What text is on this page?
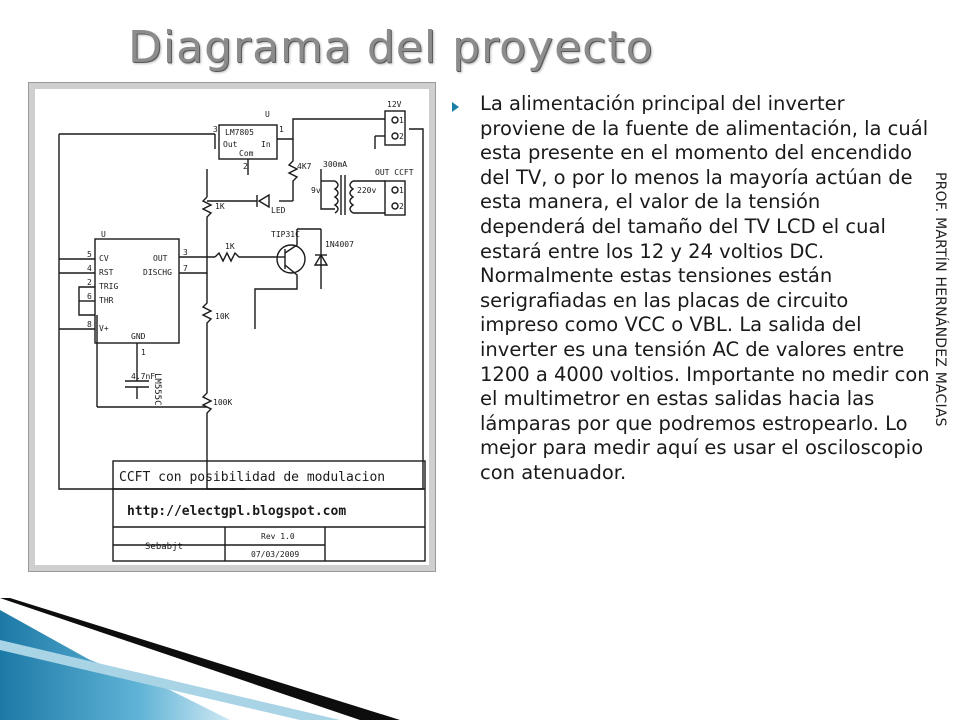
Diagrama del proyecto
U
LM7805
Out	In
Com
3	1
2
12V
1
2
OUT CCFT
1
2
300mA
9v	220v
4K7
LED
1K
1K
TIP31C
1N4007
U
CV
RST
TRIG
THR
V+
OUT
DISCHG
GND
5
4
2
6
8
3
7
1
10K
4.7nF
100K
LM555C
CCFT con posibilidad de modulacion
http://electgpl.blogspot.com
Sebabjt
Rev 1.0
07/03/2009
La alimentación principal del inverter proviene de la fuente de alimentación, la cuál esta presente en el momento del encendido del TV, o por lo menos la mayoría actúan de esta manera, el valor de la tensión dependerá del tamaño del TV LCD el cual estará entre los 12 y 24 voltios DC. Normalmente estas tensiones están serigrafiadas en las placas de circuito impreso como VCC o VBL. La salida del inverter es una tensión AC de valores entre 1200 a 4000 voltios. Importante no medir con el multimetror en estas salidas hacia las lámparas por que podremos estropearlo. Lo mejor para medir aquí es usar el osciloscopio con atenuador.
PROF. MARTÍN HERNÁNDEZ MACIAS
